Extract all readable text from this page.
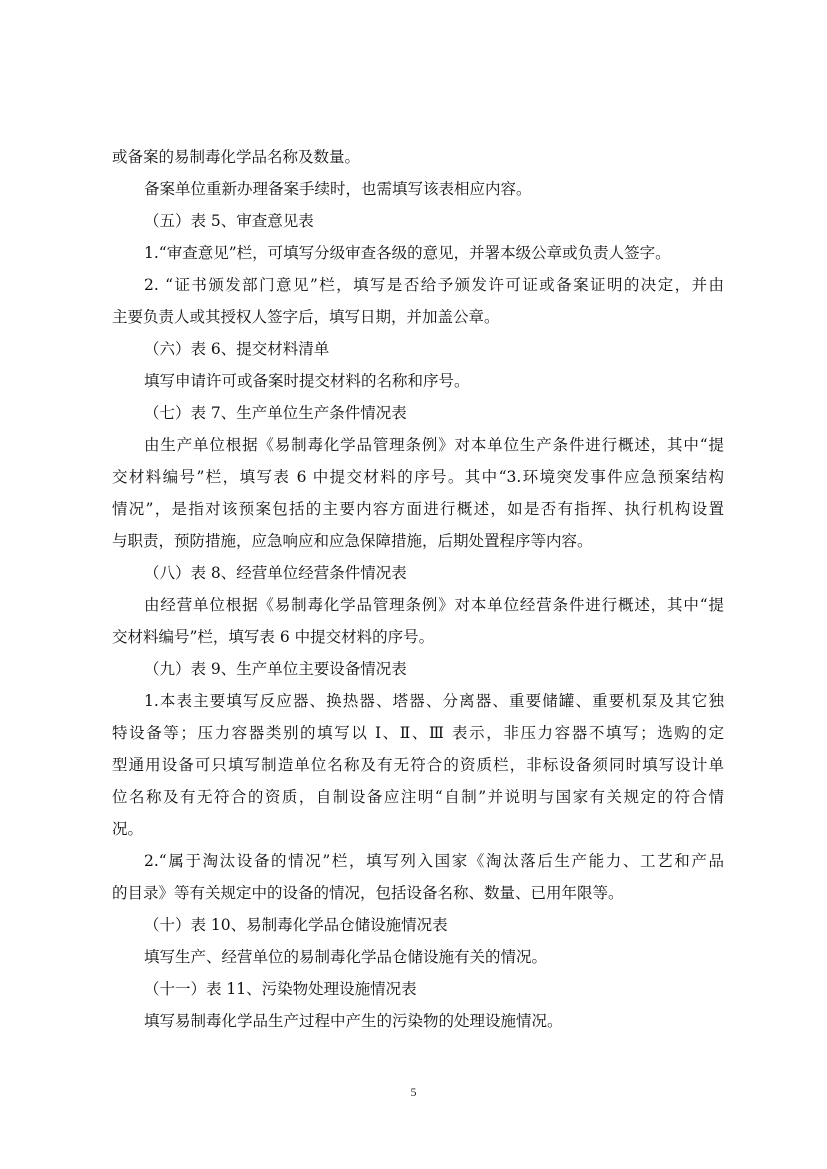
或备案的易制毒化学品名称及数量。
备案单位重新办理备案手续时，也需填写该表相应内容。
（五）表 5、审查意见表
1.“审查意见”栏，可填写分级审查各级的意见，并署本级公章或负责人签字。
2. “证书颁发部门意见”栏，填写是否给予颁发许可证或备案证明的决定，并由
主要负责人或其授权人签字后，填写日期，并加盖公章。
（六）表 6、提交材料清单
填写申请许可或备案时提交材料的名称和序号。
（七）表 7、生产单位生产条件情况表
由生产单位根据《易制毒化学品管理条例》对本单位生产条件进行概述，其中“提
交材料编号”栏，填写表 6 中提交材料的序号。其中“3.环境突发事件应急预案结构
情况”，是指对该预案包括的主要内容方面进行概述，如是否有指挥、执行机构设置
与职责，预防措施，应急响应和应急保障措施，后期处置程序等内容。
（八）表 8、经营单位经营条件情况表
由经营单位根据《易制毒化学品管理条例》对本单位经营条件进行概述，其中“提
交材料编号”栏，填写表 6 中提交材料的序号。
（九）表 9、生产单位主要设备情况表
1.本表主要填写反应器、换热器、塔器、分离器、重要储罐、重要机泵及其它独
特设备等；压力容器类别的填写以 Ⅰ、Ⅱ、Ⅲ 表示，非压力容器不填写；选购的定
型通用设备可只填写制造单位名称及有无符合的资质栏，非标设备须同时填写设计单
位名称及有无符合的资质，自制设备应注明“自制”并说明与国家有关规定的符合情
况。
2.“属于淘汰设备的情况”栏，填写列入国家《淘汰落后生产能力、工艺和产品
的目录》等有关规定中的设备的情况，包括设备名称、数量、已用年限等。
（十）表 10、易制毒化学品仓储设施情况表
填写生产、经营单位的易制毒化学品仓储设施有关的情况。
（十一）表 11、污染物处理设施情况表
填写易制毒化学品生产过程中产生的污染物的处理设施情况。
5
